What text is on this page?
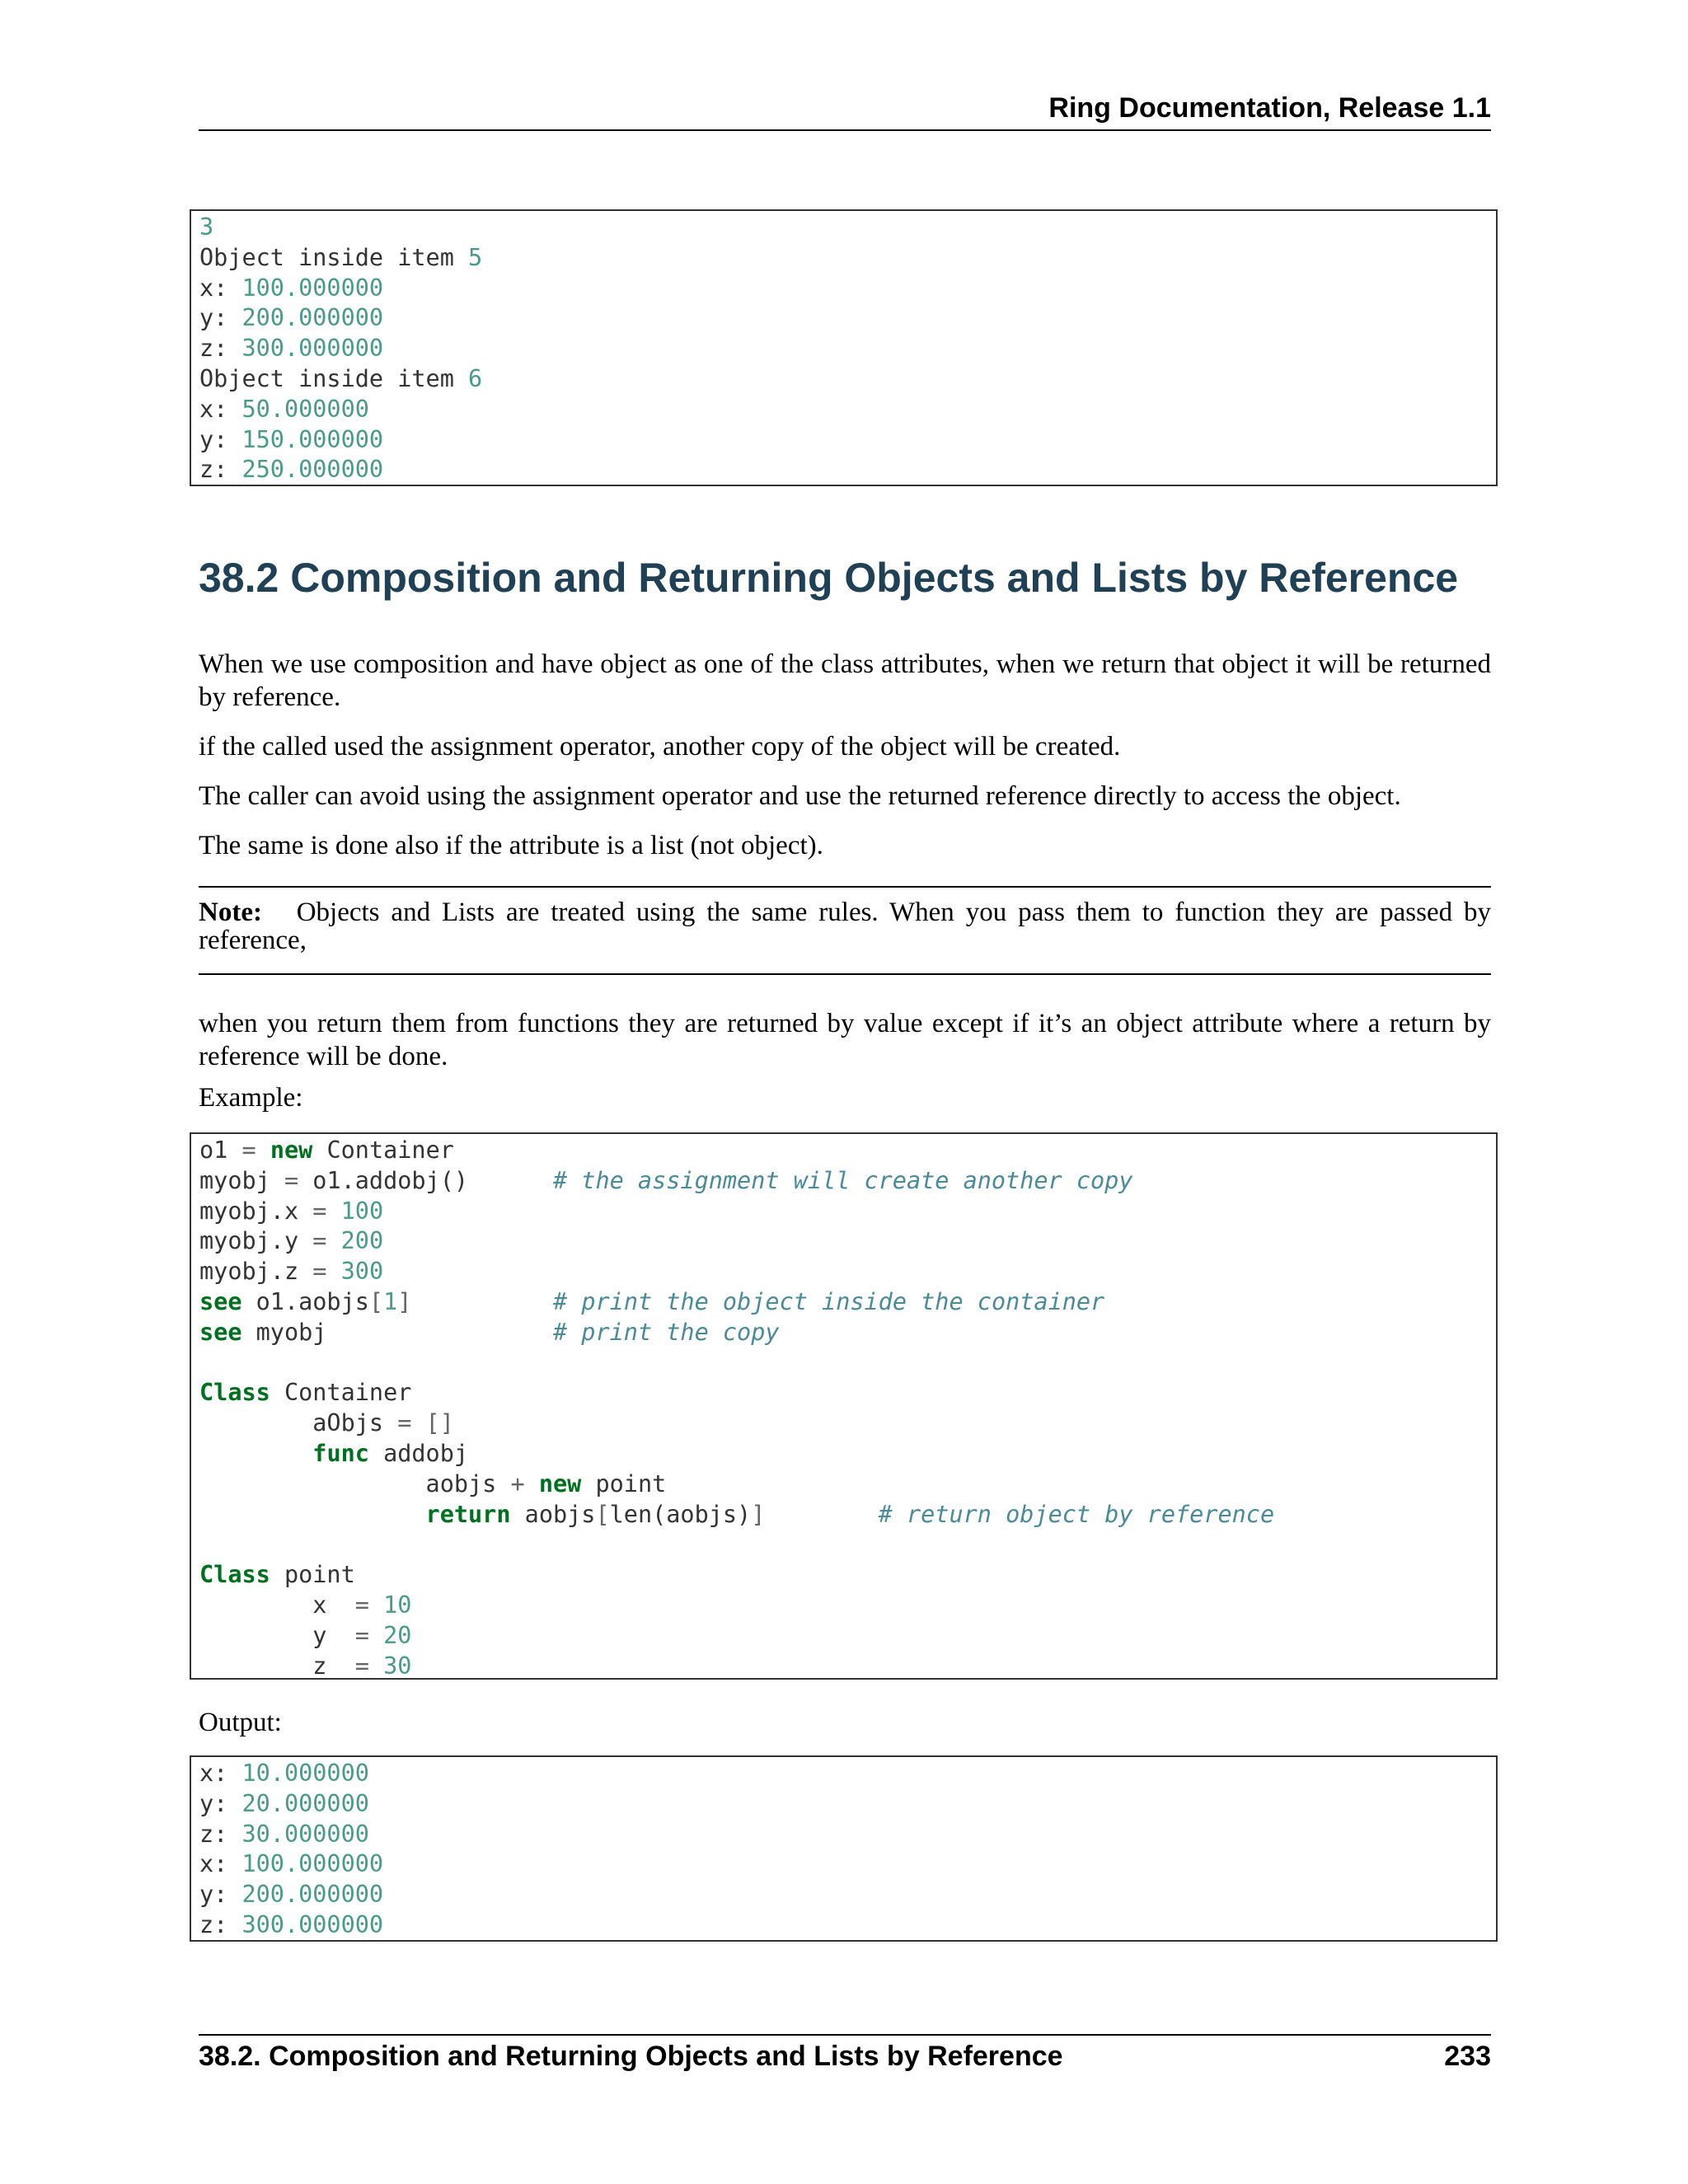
Ring Documentation, Release 1.1
3
Object inside item 5
x: 100.000000
y: 200.000000
z: 300.000000
Object inside item 6
x: 50.000000
y: 150.000000
z: 250.000000
38.2 Composition and Returning Objects and Lists by Reference

When we use composition and have object as one of the class attributes, when we return that object it will be returned by reference.

if the called used the assignment operator, another copy of the object will be created.

The caller can avoid using the assignment operator and use the returned reference directly to access the object.

The same is done also if the attribute is a list (not object).

Note: Objects and Lists are treated using the same rules. When you pass them to function they are passed by reference,

when you return them from functions they are returned by value except if it’s an object attribute where a return by reference will be done.

Example:

o1 = new Container
myobj = o1.addobj()      # the assignment will create another copy
myobj.x = 100
myobj.y = 200
myobj.z = 300
see o1.aobjs[1]	# print the object inside the container
see myobj                # print the copy

Class Container
aObjs = []
func addobj
aobjs + new point
return aobjs[len(aobjs)]	# return object by reference

Class point
x  = 10
y  = 20
z  = 30

Output:

x: 10.000000
y: 20.000000
z: 30.000000
x: 100.000000
y: 200.000000
z: 300.000000
38.2. Composition and Returning Objects and Lists by Reference	233
